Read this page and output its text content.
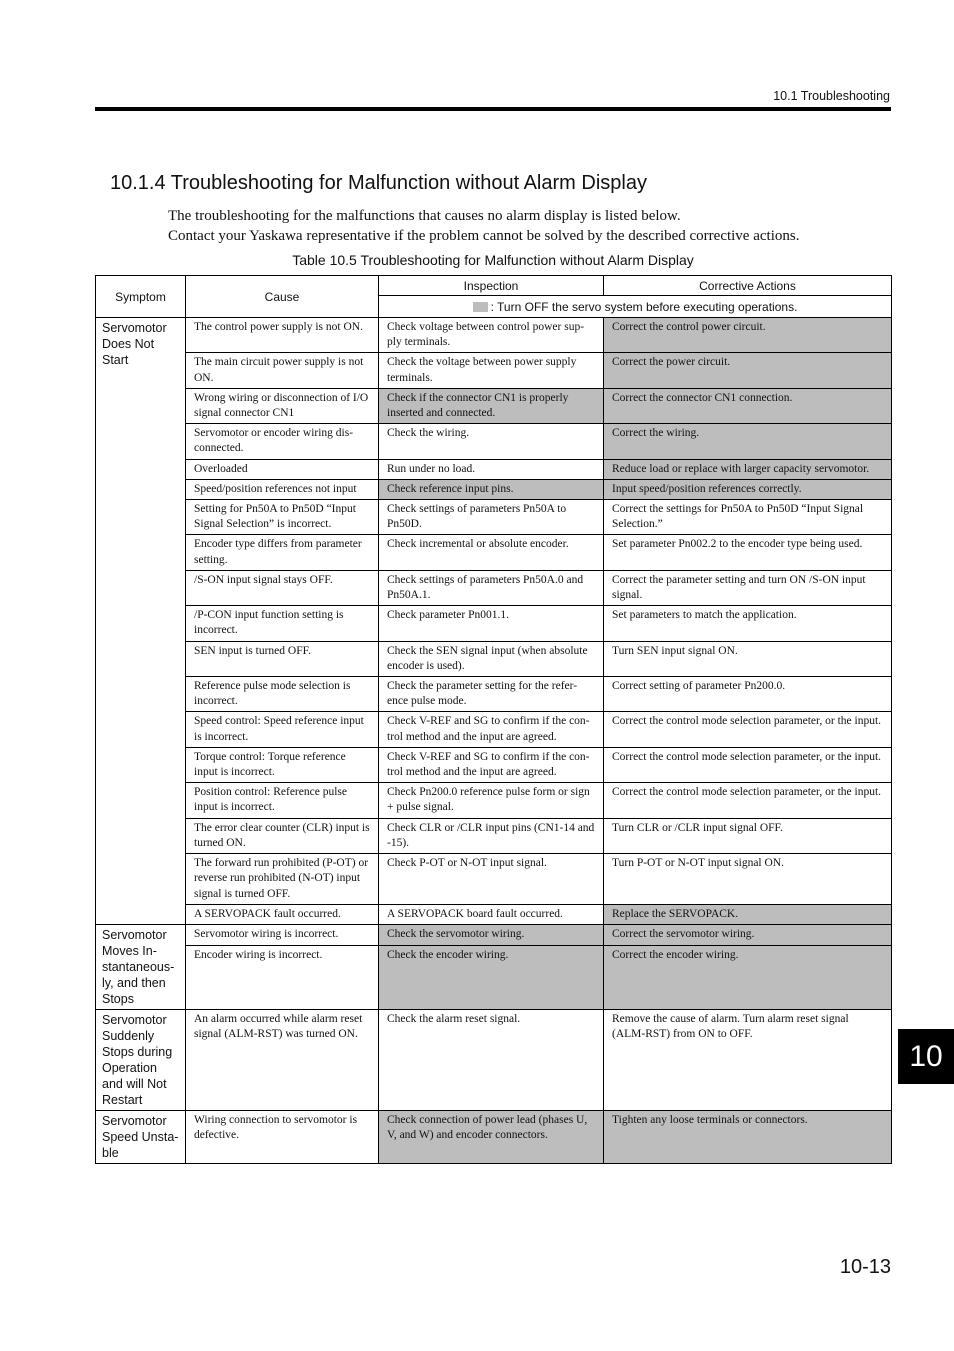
10.1 Troubleshooting
10.1.4 Troubleshooting for Malfunction without Alarm Display

The troubleshooting for the malfunctions that causes no alarm display is listed below.

Contact your Yaskawa representative if the problem cannot be solved by the described corrective actions.

Table 10.5 Troubleshooting for Malfunction without Alarm Display
Symptom	Cause	Inspection	Corrective Actions
		: Turn OFF the servo system before executing operations.	
Servomotor Does Not Start	The control power supply is not ON.	Check voltage between control power sup-ply terminals.	Correct the control power circuit.
	The main circuit power supply is not ON.	Check the voltage between power supply terminals.	Correct the power circuit.
	Wrong wiring or disconnection of I/O signal connector CN1	Check if the connector CN1 is properly inserted and connected.	Correct the connector CN1 connection.
	Servomotor or encoder wiring dis-connected.	Check the wiring.	Correct the wiring.
	Overloaded	Run under no load.	Reduce load or replace with larger capacity servomotor.
	Speed/position references not input	Check reference input pins.	Input speed/position references correctly.
	Setting for Pn50A to Pn50D “Input Signal Selection” is incorrect.	Check settings of parameters Pn50A to Pn50D.	Correct the settings for Pn50A to Pn50D “Input Signal Selection.”
	Encoder type differs from parameter setting.	Check incremental or absolute encoder.	Set parameter Pn002.2 to the encoder type being used.
	/S-ON input signal stays OFF.	Check settings of parameters Pn50A.0 and Pn50A.1.	Correct the parameter setting and turn ON /S-ON input signal.
	/P-CON input function setting is incorrect.	Check parameter Pn001.1.	Set parameters to match the application.
	SEN input is turned OFF.	Check the SEN signal input (when absolute encoder is used).	Turn SEN input signal ON.
	Reference pulse mode selection is incorrect.	Check the parameter setting for the refer-ence pulse mode.	Correct setting of parameter Pn200.0.
	Speed control: Speed reference input is incorrect.	Check V-REF and SG to confirm if the con-trol method and the input are agreed.	Correct the control mode selection parameter, or the input.
	Torque control: Torque reference input is incorrect.	Check V-REF and SG to confirm if the con-trol method and the input are agreed.	Correct the control mode selection parameter, or the input.
	Position control: Reference pulse input is incorrect.	Check Pn200.0 reference pulse form or sign + pulse signal.	Correct the control mode selection parameter, or the input.
	The error clear counter (CLR) input is turned ON.	Check CLR or /CLR input pins (CN1-14 and -15).	Turn CLR or /CLR input signal OFF.
	The forward run prohibited (P-OT) or reverse run prohibited (N-OT) input signal is turned OFF.	Check P-OT or N-OT input signal.	Turn P-OT or N-OT input signal ON.
	A SERVOPACK fault occurred.	A SERVOPACK board fault occurred.	Replace the SERVOPACK.
Servomotor Moves In-stantaneous-ly, and then Stops	Servomotor wiring is incorrect.	Check the servomotor wiring.	Correct the servomotor wiring.
	Encoder wiring is incorrect.	Check the encoder wiring.	Correct the encoder wiring.
Servomotor Suddenly Stops during Operation and will Not Restart	An alarm occurred while alarm reset signal (ALM-RST) was turned ON.	Check the alarm reset signal.	Remove the cause of alarm. Turn alarm reset signal (ALM-RST) from ON to OFF.
Servomotor Speed Unsta-ble	Wiring connection to servomotor is defective.	Check connection of power lead (phases U, V, and W) and encoder connectors.	Tighten any loose terminals or connectors.
10
10-13
